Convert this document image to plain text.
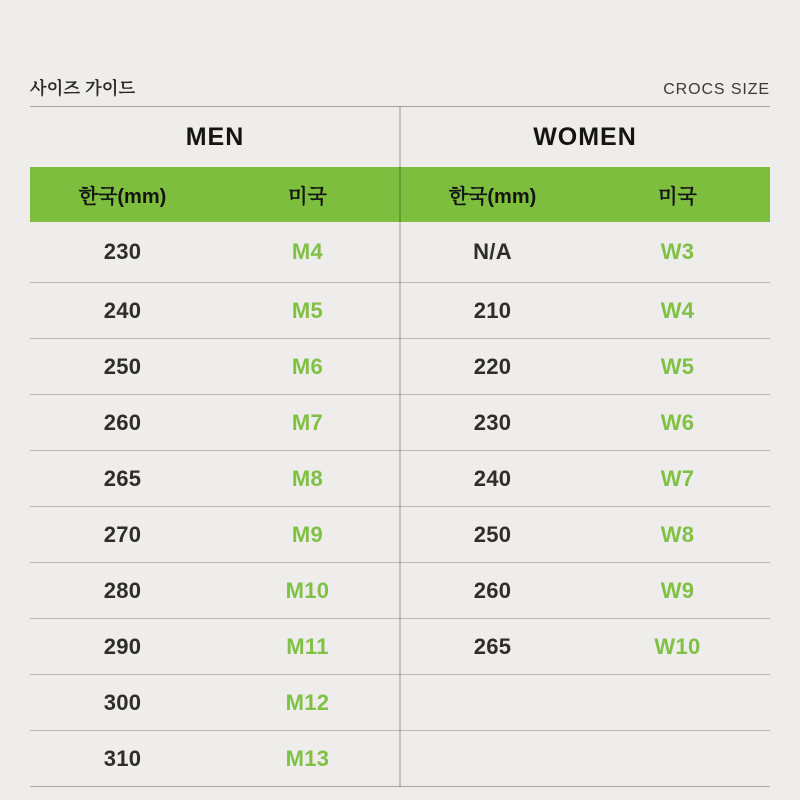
사이즈 가이드	CROCS SIZE
MEN	WOMEN
한국(mm)	미국	한국(mm)	미국
230	M4	N/A	W3
240	M5	210	W4
250	M6	220	W5
260	M7	230	W6
265	M8	240	W7
270	M9	250	W8
280	M10	260	W9
290	M11	265	W10
300	M12
310	M13
